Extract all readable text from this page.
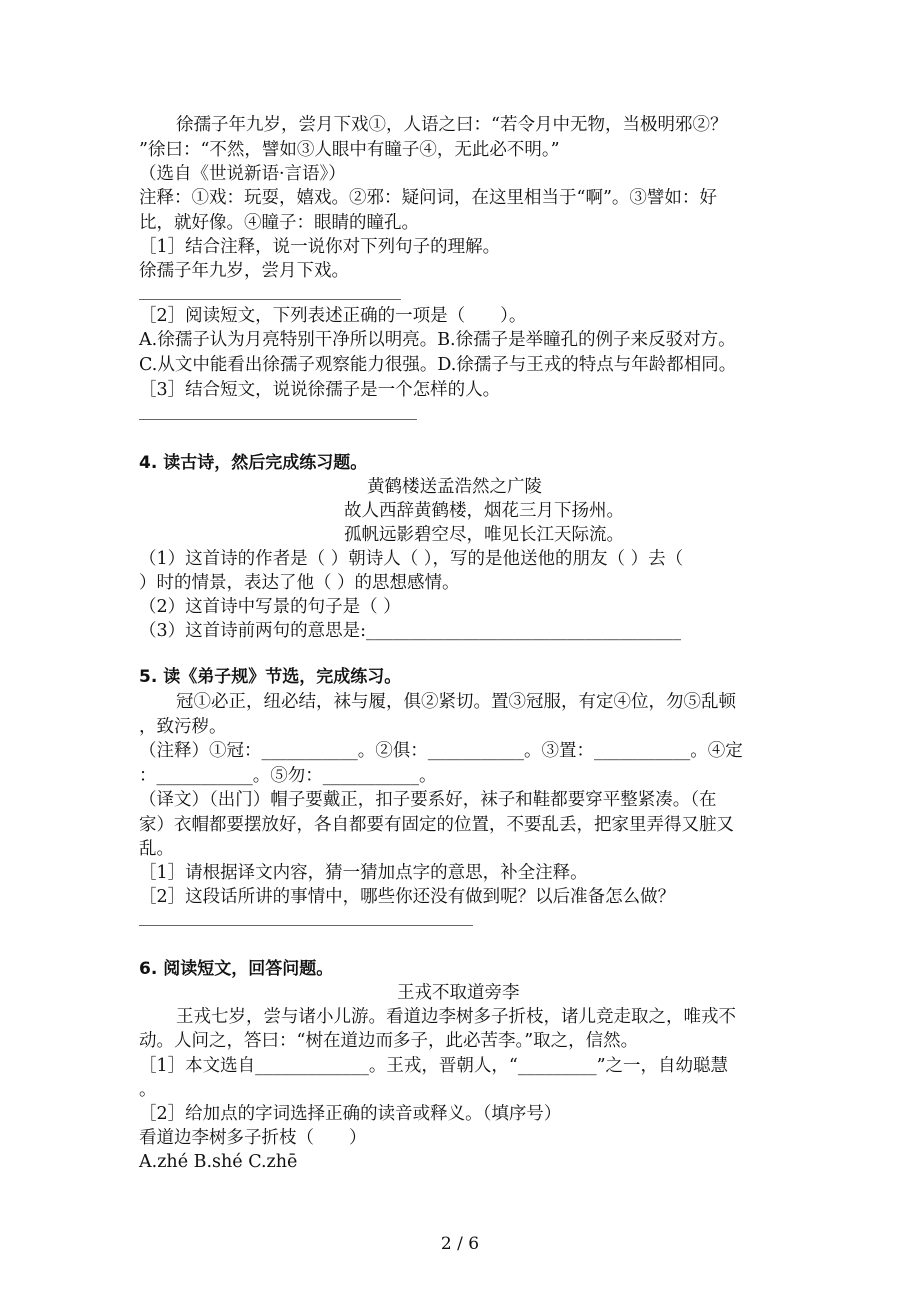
徐孺子年九岁，尝月下戏①，人语之曰：“若令月中无物，当极明邪②？
”徐曰：“不然，譬如③人眼中有瞳子④，无此必不明。”
（选自《世说新语·言语》）
注释：①戏：玩耍，嬉戏。②邪：疑问词，在这里相当于“啊”。③譬如：好
比，就好像。④瞳子：眼睛的瞳孔。
［1］结合注释，说一说你对下列句子的理解。
徐孺子年九岁，尝月下戏。
［2］阅读短文，下列表述正确的一项是（　　）。
A.徐孺子认为月亮特别干净所以明亮。B.徐孺子是举瞳孔的例子来反驳对方。
C.从文中能看出徐孺子观察能力很强。D.徐孺子与王戎的特点与年龄都相同。
［3］结合短文，说说徐孺子是一个怎样的人。
4. 读古诗，然后完成练习题。
黄鹤楼送孟浩然之广陵
故人西辞黄鹤楼，烟花三月下扬州。
孤帆远影碧空尽，唯见长江天际流。
（1）这首诗的作者是（ ）朝诗人（ ），写的是他送他的朋友（ ）去（
）时的情景，表达了他（ ）的思想感情。
（2）这首诗中写景的句子是（ ）
（3）这首诗前两句的意思是:____________________________________
5. 读《弟子规》节选，完成练习。
冠①必正，纽必结，袜与履，俱②紧切。置③冠服，有定④位，勿⑤乱顿
，致污秽。
（注释）①冠：___________。②俱：___________。③置：___________。④定
：___________。⑤勿：___________。
（译文）（出门）帽子要戴正，扣子要系好，袜子和鞋都要穿平整紧凑。（在
家）衣帽都要摆放好，各自都要有固定的位置，不要乱丢，把家里弄得又脏又
乱。
［1］请根据译文内容，猜一猜加点字的意思，补全注释。
［2］这段话所讲的事情中，哪些你还没有做到呢？以后准备怎么做？
6. 阅读短文，回答问题。
王戎不取道旁李
王戎七岁，尝与诸小儿游。看道边李树多子折枝，诸儿竞走取之，唯戎不
动。人问之，答曰：“树在道边而多子，此必苦李。”取之，信然。
［1］本文选自_____________。王戎，晋朝人，“_________”之一，自幼聪慧
。
［2］给加点的字词选择正确的读音或释义。（填序号）
看道边李树多子折枝（　　）
A.zhé B.shé C.zhē
2 / 6
